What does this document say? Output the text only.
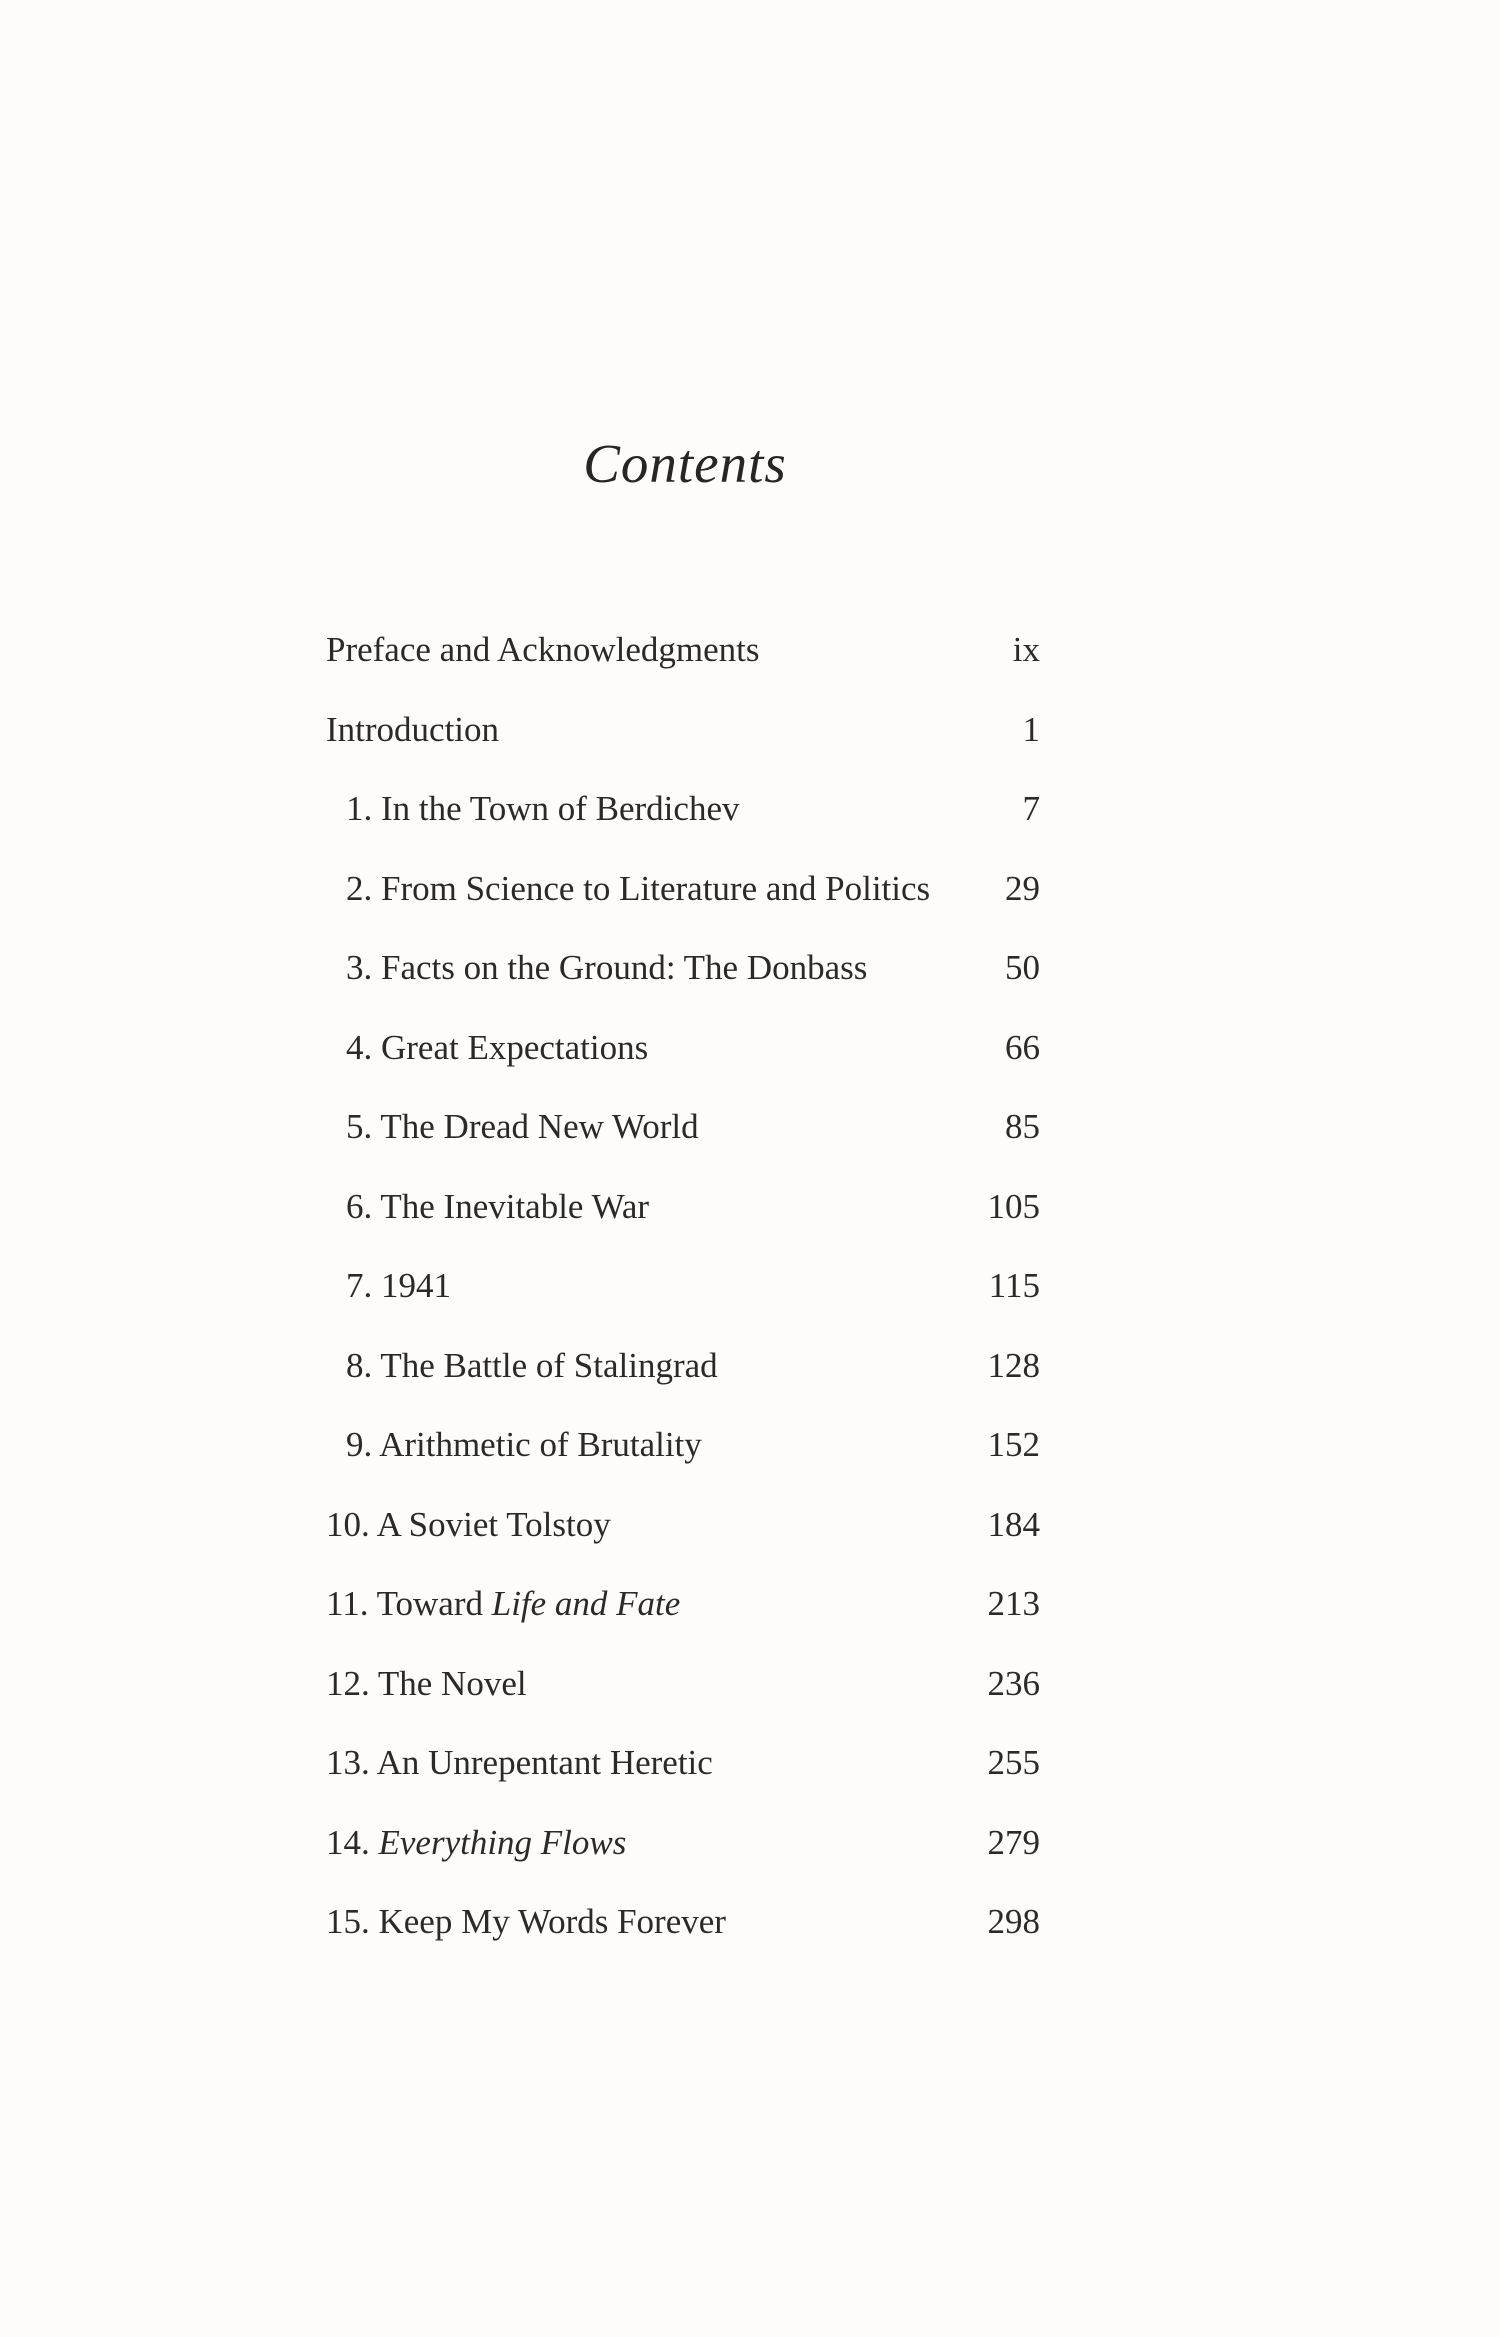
Contents
Preface and Acknowledgments	ix
Introduction	1
1. In the Town of Berdichev	7
2. From Science to Literature and Politics 29
3. Facts on the Ground: The Donbass	50
4. Great Expectations	66
5. The Dread New World	85
6. The Inevitable War	105
7. 1941	115
8. The Battle of Stalingrad	128
9. Arithmetic of Brutality	152
10. A Soviet Tolstoy	184
11. Toward Life and Fate	213
12. The Novel	236
13. An Unrepentant Heretic	255
14. Everything Flows	279
15. Keep My Words Forever	298
